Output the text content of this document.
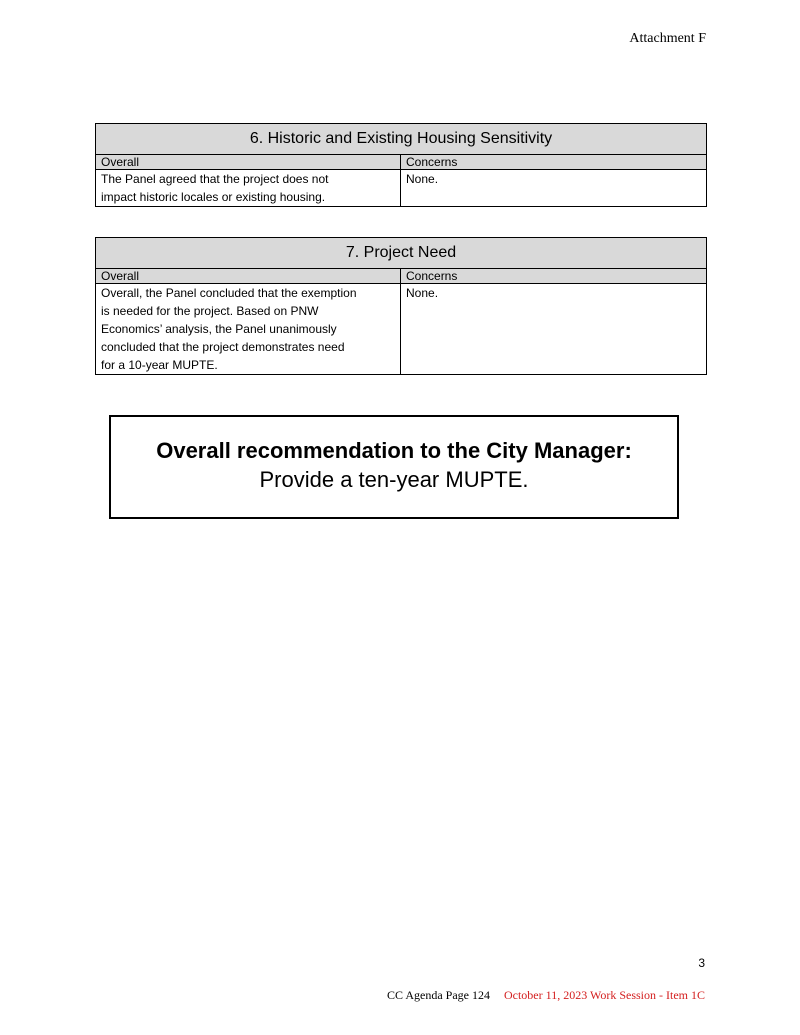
Attachment F
6. Historic and Existing Housing Sensitivity	
Overall	Concerns

The Panel agreed that the project does not
impact historic locales or existing housing.	None.
7. Project Need	
Overall	Concerns

Overall, the Panel concluded that the exemption
is needed for the project. Based on PNW
Economics’ analysis, the Panel unanimously
concluded that the project demonstrates need
for a 10-year MUPTE.	None.
Overall recommendation to the City Manager:
Provide a ten-year MUPTE.
3
CC Agenda Page 124 October 11, 2023 Work Session - Item 1C
